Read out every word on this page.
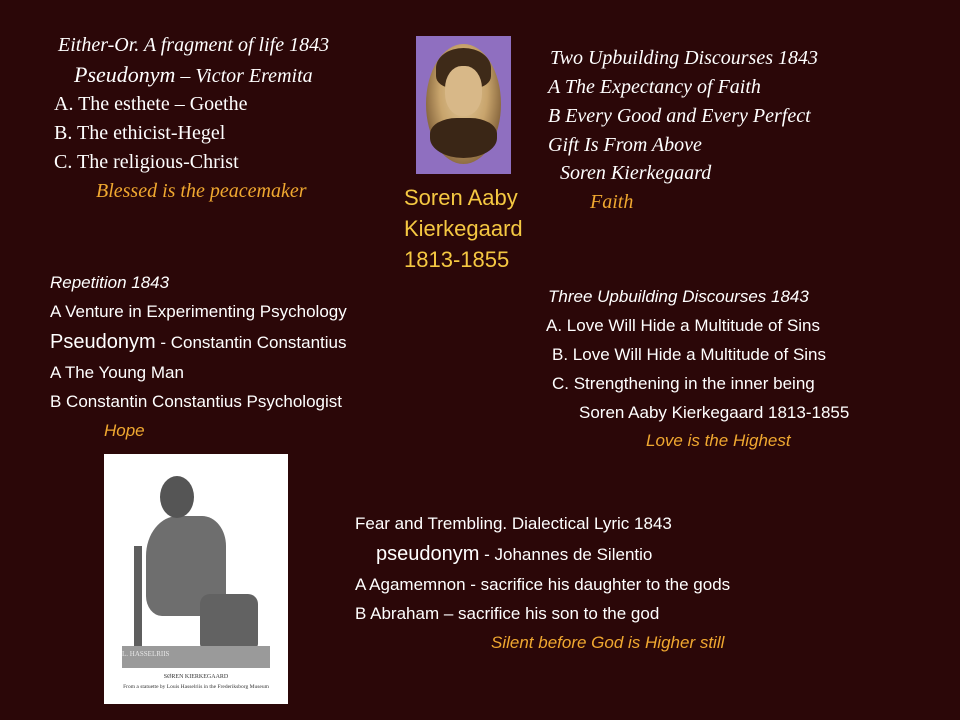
Either-Or. A fragment of life 1843
Pseudonym – Victor Eremita
A. The esthete – Goethe
B. The ethicist-Hegel
C. The religious-Christ
Blessed is the peacemaker	Soren Aaby
Kierkegaard
1813-1855
Two Upbuilding Discourses 1843
A The Expectancy of Faith
B Every Good and Every Perfect
Gift Is From Above
Soren Kierkegaard
Faith
Repetition 1843
A Venture in Experimenting Psychology
Pseudonym - Constantin Constantius
A The Young Man
B Constantin Constantius Psychologist
Hope
Three Upbuilding Discourses 1843
A. Love Will Hide a Multitude of Sins
B. Love Will Hide a Multitude of Sins
C. Strengthening in the inner being
Soren Aaby Kierkegaard 1813-1855
Love is the Highest
L. HASSELRIIS
SØREN KIERKEGAARD
From a statuette by Louis Hasselriis in the Frederiksborg Museum
Fear and Trembling. Dialectical Lyric 1843
pseudonym - Johannes de Silentio
A Agamemnon - sacrifice his daughter to the gods
B Abraham – sacrifice his son to the god
Silent before God is Higher still
